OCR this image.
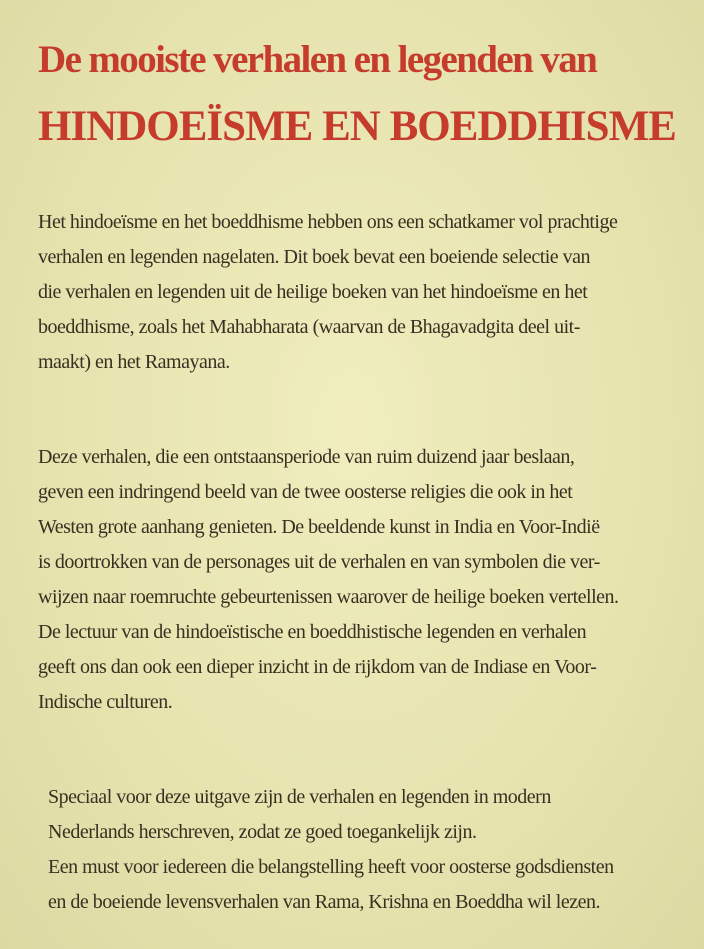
De mooiste verhalen en legenden van
HINDOEÏSME EN BOEDDHISME
Het hindoeïsme en het boeddhisme hebben ons een schatkamer vol prachtige
verhalen en legenden nagelaten. Dit boek bevat een boeiende selectie van
die verhalen en legenden uit de heilige boeken van het hindoeïsme en het
boeddhisme, zoals het Mahabharata (waarvan de Bhagavadgita deel uit-
maakt) en het Ramayana.
Deze verhalen, die een ontstaansperiode van ruim duizend jaar beslaan,
geven een indringend beeld van de twee oosterse religies die ook in het
Westen grote aanhang genieten. De beeldende kunst in India en Voor-Indië
is doortrokken van de personages uit de verhalen en van symbolen die ver-
wijzen naar roemruchte gebeurtenissen waarover de heilige boeken vertellen.
De lectuur van de hindoeïstische en boeddhistische legenden en verhalen
geeft ons dan ook een dieper inzicht in de rijkdom van de Indiase en Voor-
Indische culturen.
Speciaal voor deze uitgave zijn de verhalen en legenden in modern
Nederlands herschreven, zodat ze goed toegankelijk zijn.
Een must voor iedereen die belangstelling heeft voor oosterse godsdiensten
en de boeiende levensverhalen van Rama, Krishna en Boeddha wil lezen.
